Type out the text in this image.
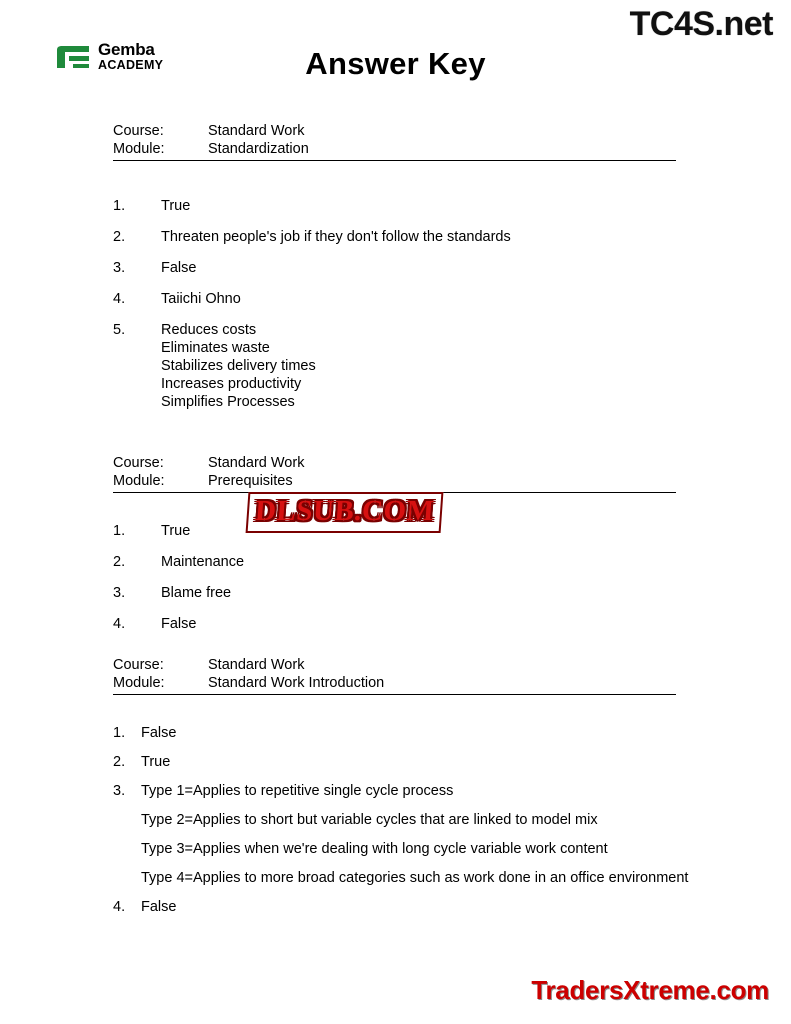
TC4S.net
Gemba
ACADEMY	Answer Key
Course:	Standard Work
Module:	Standardization
1.	True
2.	Threaten people's job if they don't follow the standards
3.	False
4.	Taiichi Ohno
5.	Reduces costs
Eliminates waste
Stabilizes delivery times
Increases productivity
Simplifies Processes
Course:	Standard Work
Module:	Prerequisites
1.	True
2.	Maintenance
3.	Blame free
4.	False
DLSUB.COM
Course:	Standard Work
Module:	Standard Work Introduction
1.	False
2.	True
3.	Type 1=Applies to repetitive single cycle process
Type 2=Applies to short but variable cycles that are linked to model mix
Type 3=Applies when we're dealing with long cycle variable work content
Type 4=Applies to more broad categories such as work done in an office environment
4.	False
TradersXtreme.com
